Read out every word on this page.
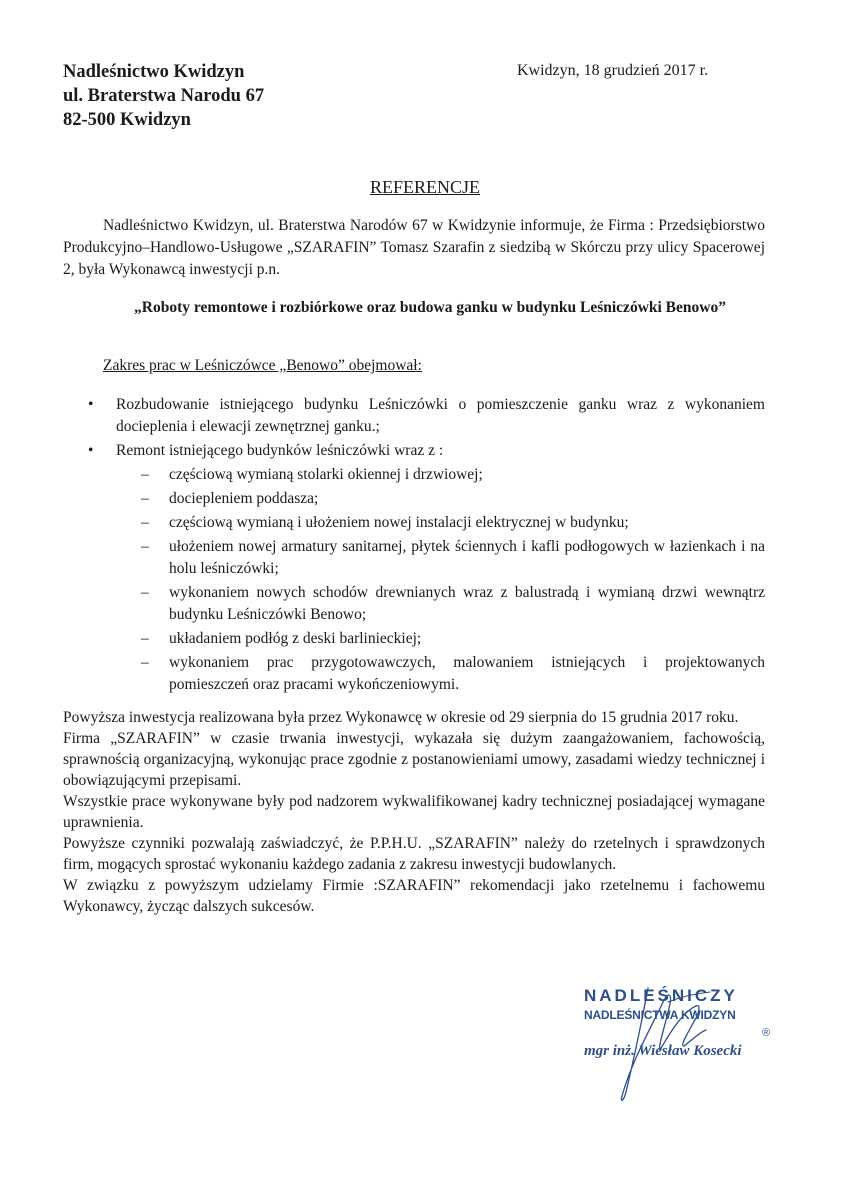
Nadleśnictwo Kwidzyn
ul. Braterstwa Narodu 67
82-500 Kwidzyn
Kwidzyn, 18 grudzień 2017 r.
REFERENCJE
Nadleśnictwo Kwidzyn, ul. Braterstwa Narodów 67 w Kwidzynie informuje, że Firma : Przedsiębiorstwo Produkcyjno–Handlowo-Usługowe „SZARAFIN” Tomasz Szarafin z siedzibą w Skórczu przy ulicy Spacerowej 2, była Wykonawcą inwestycji p.n.
„Roboty remontowe i rozbiórkowe oraz budowa ganku w budynku Leśniczówki Benowo”
Zakres prac w Leśniczówce „Benowo” obejmował:
• Rozbudowanie istniejącego budynku Leśniczówki o pomieszczenie ganku wraz z wykonaniem docieplenia i elewacji zewnętrznej ganku.;
• Remont istniejącego budynków leśniczówki wraz z :
– częściową wymianą stolarki okiennej i drzwiowej;
– dociepleniem poddasza;
– częściową wymianą i ułożeniem nowej instalacji elektrycznej w budynku;
– ułożeniem nowej armatury sanitarnej, płytek ściennych i kafli podłogowych w łazienkach i na holu leśniczówki;
– wykonaniem nowych schodów drewnianych wraz z balustradą i wymianą drzwi wewnątrz budynku Leśniczówki Benowo;
– układaniem podłóg z deski barlinieckiej;
– wykonaniem prac przygotowawczych, malowaniem istniejących i projektowanych pomieszczeń oraz pracami wykończeniowymi.

Powyższa inwestycja realizowana była przez Wykonawcę w okresie od 29 sierpnia do 15 grudnia 2017 roku.

Firma „SZARAFIN” w czasie trwania inwestycji, wykazała się dużym zaangażowaniem, fachowością, sprawnością organizacyjną, wykonując prace zgodnie z postanowieniami umowy, zasadami wiedzy technicznej i obowiązującymi przepisami.

Wszystkie prace wykonywane były pod nadzorem wykwalifikowanej kadry technicznej posiadającej wymagane uprawnienia.

Powyższe czynniki pozwalają zaświadczyć, że P.P.H.U. „SZARAFIN” należy do rzetelnych i sprawdzonych firm, mogących sprostać wykonaniu każdego zadania z zakresu inwestycji budowlanych.

W związku z powyższym udzielamy Firmie :SZARAFIN” rekomendacji jako rzetelnemu i fachowemu Wykonawcy, życząc dalszych sukcesów.

NADLEŚNICZY
NADLEŚNICTWA KWIDZYN
®
mgr inż. Wiesław Kosecki
